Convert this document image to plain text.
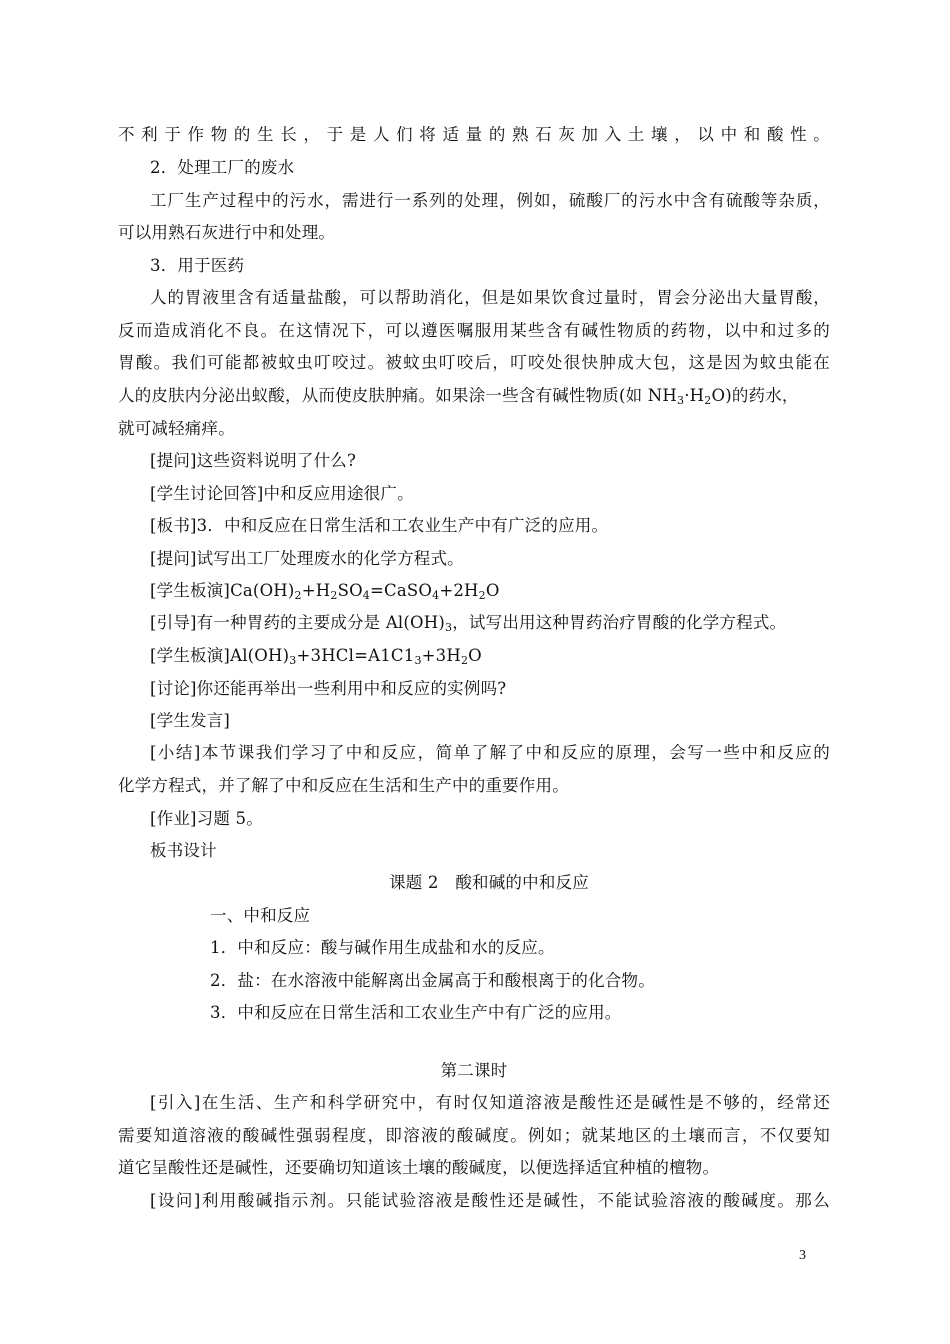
不利于作物的生长，于是人们将适量的熟石灰加入土壤，以中和酸性。
2．处理工厂的废水
工厂生产过程中的污水，需进行一系列的处理，例如，硫酸厂的污水中含有硫酸等杂质，
可以用熟石灰进行中和处理。
3．用于医药
人的胃液里含有适量盐酸，可以帮助消化，但是如果饮食过量时，胃会分泌出大量胃酸，
反而造成消化不良。在这情况下，可以遵医嘱服用某些含有碱性物质的药物，以中和过多的
胃酸。我们可能都被蚊虫叮咬过。被蚊虫叮咬后，叮咬处很快肿成大包，这是因为蚊虫能在
人的皮肤内分泌出蚁酸，从而使皮肤肿痛。如果涂一些含有碱性物质(如 $NH_3\cdot H_2O$)的药水，
就可减轻痛痒。
[提问]这些资料说明了什么?
[学生讨论回答]中和反应用途很广。
[板书]3．中和反应在日常生活和工农业生产中有广泛的应用。
[提问]试写出工厂处理废水的化学方程式。
[学生板演]$Ca(OH)_2+H_2SO_4=CaSO_4+2H_2O$
[引导]有一种胃药的主要成分是 $Al(OH)_3$，试写出用这种胃药治疗胃酸的化学方程式。
[学生板演]$Al(OH)_3+3HCl=A1C1_3+3H_2O$
[讨论]你还能再举出一些利用中和反应的实例吗?
[学生发言]
[小结]本节课我们学习了中和反应，简单了解了中和反应的原理，会写一些中和反应的
化学方程式，并了解了中和反应在生活和生产中的重要作用。
[作业]习题 5。
板书设计
课题 2　酸和碱的中和反应
一、中和反应
1．中和反应：酸与碱作用生成盐和水的反应。
2．盐：在水溶液中能解离出金属高于和酸根离于的化合物。
3．中和反应在日常生活和工农业生产中有广泛的应用。
第二课时
[引入]在生活、生产和科学研究中，有时仅知道溶液是酸性还是碱性是不够的，经常还
需要知道溶液的酸碱性强弱程度，即溶液的酸碱度。例如；就某地区的土壤而言，不仅要知
道它呈酸性还是碱性，还要确切知道该土壤的酸碱度，以便选择适宜种植的檀物。
[设问]利用酸碱指示剂。只能试验溶液是酸性还是碱性，不能试验溶液的酸碱度。那么
3
